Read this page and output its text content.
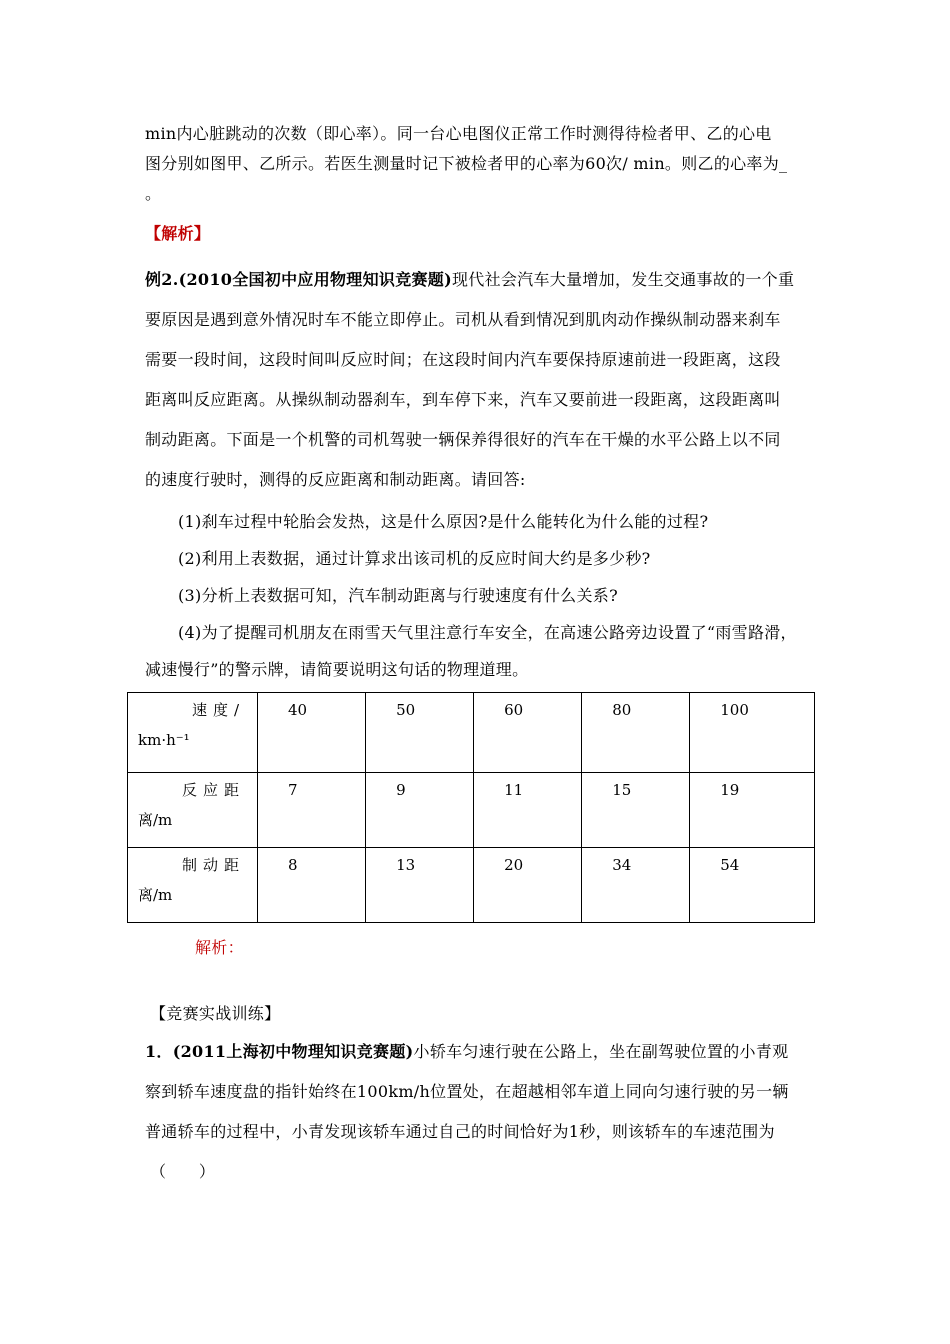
min内心脏跳动的次数（即心率）。同一台心电图仪正常工作时测得待检者甲、乙的心电
图分别如图甲、乙所示。若医生测量时记下被检者甲的心率为60次/ min。则乙的心率为_
。
【解析】
例2.(2010全国初中应用物理知识竞赛题)现代社会汽车大量增加，发生交通事故的一个重
要原因是遇到意外情况时车不能立即停止。司机从看到情况到肌肉动作操纵制动器来刹车
需要一段时间，这段时间叫反应时间；在这段时间内汽车要保持原速前进一段距离，这段
距离叫反应距离。从操纵制动器刹车，到车停下来，汽车又要前进一段距离，这段距离叫
制动距离。下面是一个机警的司机驾驶一辆保养得很好的汽车在干燥的水平公路上以不同
的速度行驶时，测得的反应距离和制动距离。请回答:
(1)刹车过程中轮胎会发热，这是什么原因?是什么能转化为什么能的过程?
(2)利用上表数据，通过计算求出该司机的反应时间大约是多少秒?
(3)分析上表数据可知，汽车制动距离与行驶速度有什么关系?
(4)为了提醒司机朋友在雨雪天气里注意行车安全，在高速公路旁边设置了“雨雪路滑，
减速慢行”的警示牌，请简要说明这句话的物理道理。
速度/
km·h⁻¹	40	50	60	80	100

反应距
离/m	7	9	11	15	19

制动距
离/m	8	13	20	34	54
解析：
【竞赛实战训练】
1．(2011上海初中物理知识竞赛题)小轿车匀速行驶在公路上，坐在副驾驶位置的小青观
察到轿车速度盘的指针始终在100km/h位置处，在超越相邻车道上同向匀速行驶的另一辆
普通轿车的过程中，小青发现该轿车通过自己的时间恰好为1秒，则该轿车的车速范围为
（　　）
